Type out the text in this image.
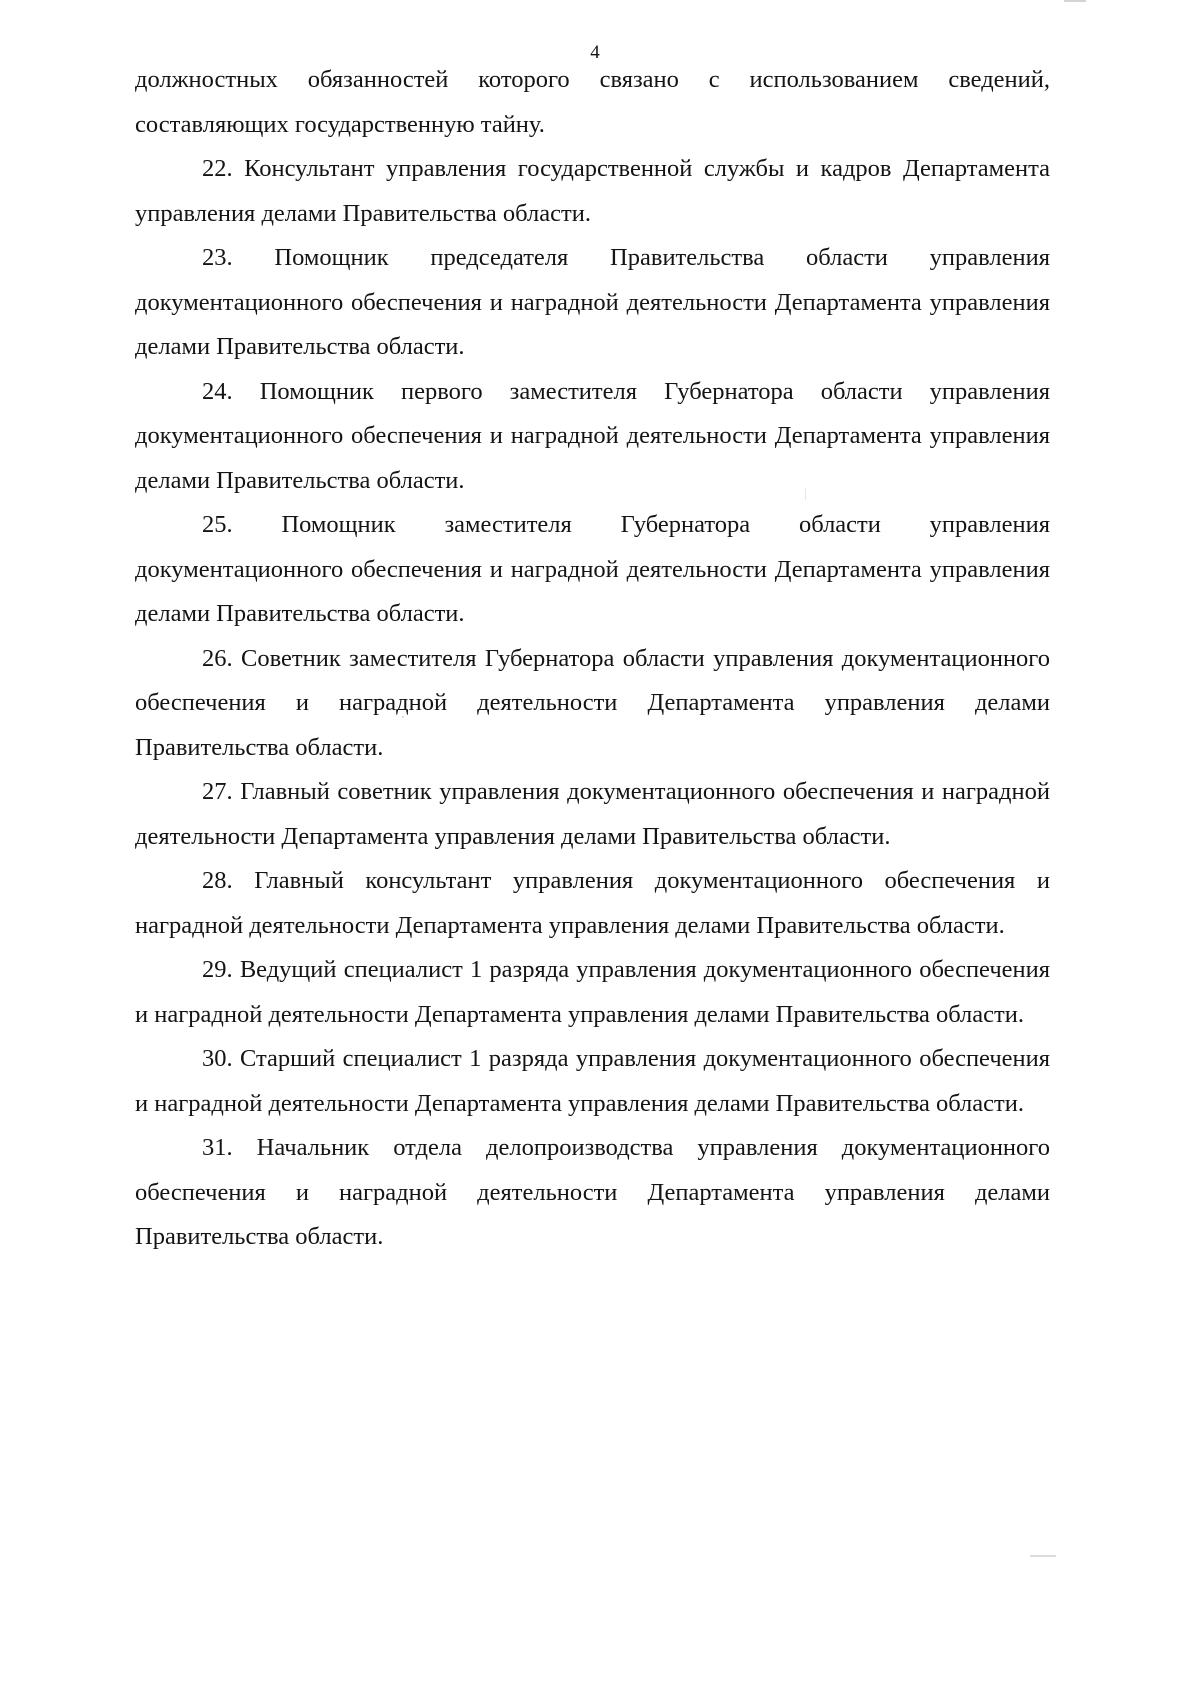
4

должностных обязанностей которого связано с использованием сведений, составляющих государственную тайну.

22. Консультант управления государственной службы и кадров Департамента управления делами Правительства области.

23. Помощник председателя Правительства области управления документационного обеспечения и наградной деятельности Департамента управления делами Правительства области.

24. Помощник первого заместителя Губернатора области управления документационного обеспечения и наградной деятельности Департамента управления делами Правительства области.

25. Помощник заместителя Губернатора области управления документационного обеспечения и наградной деятельности Департамента управления делами Правительства области.

26. Советник заместителя Губернатора области управления документационного обеспечения и наградной деятельности Департамента управления делами Правительства области.

27. Главный советник управления документационного обеспечения и наградной деятельности Департамента управления делами Правительства области.

28. Главный консультант управления документационного обеспечения и наградной деятельности Департамента управления делами Правительства области.

29. Ведущий специалист 1 разряда управления документационного обеспечения и наградной деятельности Департамента управления делами Правительства области.

30. Старший специалист 1 разряда управления документационного обеспечения и наградной деятельности Департамента управления делами Правительства области.

31. Начальник отдела делопроизводства управления документационного обеспечения и наградной деятельности Департамента управления делами Правительства области.
